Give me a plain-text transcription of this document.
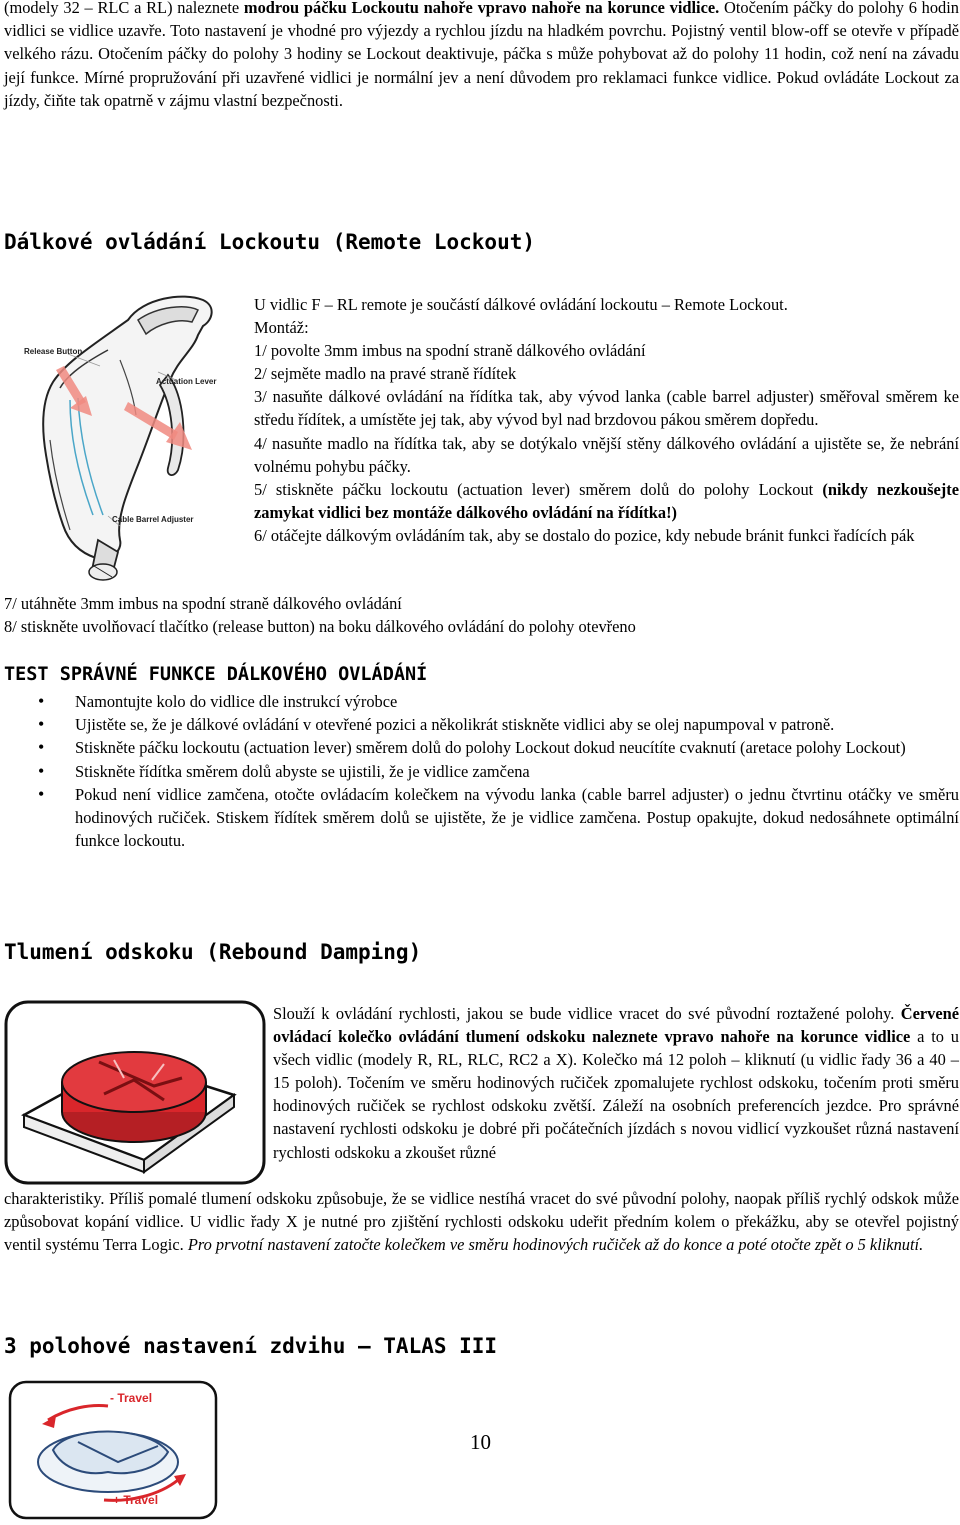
(modely 32 – RLC a RL) naleznete modrou páčku Lockoutu nahoře vpravo nahoře na korunce vidlice. Otočením páčky do polohy 6 hodin vidlici se vidlice uzavře. Toto nastavení je vhodné pro výjezdy a rychlou jízdu na hladkém povrchu. Pojistný ventil blow-off se otevře v případě velkého rázu. Otočením páčky do polohy 3 hodiny se Lockout deaktivuje, páčka s může pohybovat až do polohy 11 hodin, což není na závadu její funkce. Mírné propružování při uzavřené vidlici je normální jev a není důvodem pro reklamaci funkce vidlice. Pokud ovládáte Lockout za jízdy, čiňte tak opatrně v zájmu vlastní bezpečnosti.
Dálkové ovládání Lockoutu (Remote Lockout)
Release Button
Actuation Lever
Cable Barrel Adjuster
U vidlic F – RL remote je součástí dálkové ovládání lockoutu – Remote Lockout.
Montáž:
1/ povolte 3mm imbus na spodní straně dálkového ovládání
2/ sejměte madlo na pravé straně řídítek
3/ nasuňte dálkové ovládání na řídítka tak, aby vývod lanka (cable barrel adjuster) směřoval směrem ke středu řídítek, a umístěte jej tak, aby vývod byl nad brzdovou pákou směrem dopředu.
4/ nasuňte madlo na řídítka tak, aby se dotýkalo vnější stěny dálkového ovládání a ujistěte se, že nebrání volnému pohybu páčky.
5/ stiskněte páčku lockoutu (actuation lever) směrem dolů do polohy Lockout (nikdy nezkoušejte zamykat vidlici bez montáže dálkového ovládání na řídítka!)
6/ otáčejte dálkovým ovládáním tak, aby se dostalo do pozice, kdy nebude bránit funkci řadících pák
7/ utáhněte 3mm imbus na spodní straně dálkového ovládání
8/ stiskněte uvolňovací tlačítko (release button) na boku dálkového ovládání do polohy otevřeno
TEST SPRÁVNÉ FUNKCE DÁLKOVÉHO OVLÁDÁNÍ
• Namontujte kolo do vidlice dle instrukcí výrobce
• Ujistěte se, že je dálkové ovládání v otevřené pozici a několikrát stiskněte vidlici aby se olej napumpoval v patroně.
• Stiskněte páčku lockoutu (actuation lever) směrem dolů do polohy Lockout dokud neucítíte cvaknutí (aretace polohy Lockout)
• Stiskněte řídítka směrem dolů abyste se ujistili, že je vidlice zamčena
• Pokud není vidlice zamčena, otočte ovládacím kolečkem na vývodu lanka (cable barrel adjuster) o jednu čtvrtinu otáčky ve směru hodinových ručiček. Stiskem řídítek směrem dolů se ujistěte, že je vidlice zamčena. Postup opakujte, dokud nedosáhnete optimální funkce lockoutu.
Tlumení odskoku (Rebound Damping)
Slouží k ovládání rychlosti, jakou se bude vidlice vracet do své původní roztažené polohy. Červené ovládací kolečko ovládání tlumení odskoku naleznete vpravo nahoře na korunce vidlice a to u všech vidlic (modely R, RL, RLC, RC2 a X). Kolečko má 12 poloh – kliknutí (u vidlic řady 36 a 40 – 15 poloh). Točením ve směru hodinových ručiček zpomalujete rychlost odskoku, točením proti směru hodinových ručiček se rychlost odskoku zvětší. Záleží na osobních preferencích jezdce. Pro správné nastavení rychlosti odskoku je dobré při počátečních jízdách s novou vidlicí vyzkoušet různá nastavení rychlosti odskoku a zkoušet různé
charakteristiky. Příliš pomalé tlumení odskoku způsobuje, že se vidlice nestíhá vracet do své původní polohy, naopak příliš rychlý odskok může způsobovat kopání vidlice. U vidlic řady X je nutné pro zjištění rychlosti odskoku udeřit předním kolem o překážku, aby se otevřel pojistný ventil systému Terra Logic. Pro prvotní nastavení zatočte kolečkem ve směru hodinových ručiček až do konce a poté otočte zpět o 5 kliknutí.
3 polohové nastavení zdvihu – TALAS III
- Travel
+ Travel
10
